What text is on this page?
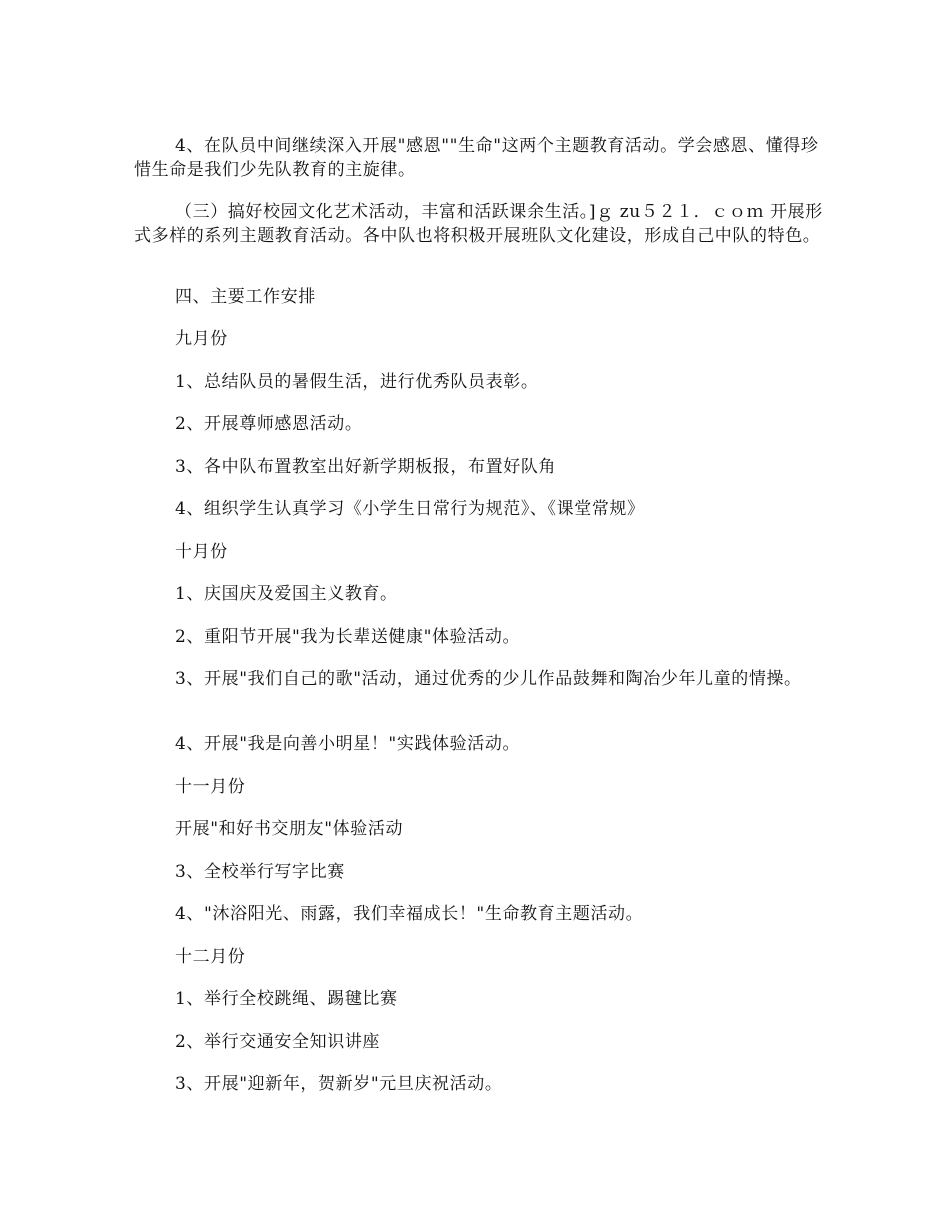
4、在队员中间继续深入开展"感恩""生命"这两个主题教育活动。学会感恩、懂得珍惜生命是我们少先队教育的主旋律。

（三）搞好校园文化艺术活动，丰富和活跃课余生活。]ｇ zu５２１．ｃｏｍ 开展形式多样的系列主题教育活动。各中队也将积极开展班队文化建设，形成自己中队的特色。

四、主要工作安排

九月份

1、总结队员的暑假生活，进行优秀队员表彰。

2、开展尊师感恩活动。

3、各中队布置教室出好新学期板报，布置好队角

4、组织学生认真学习《小学生日常行为规范》、《课堂常规》

十月份

1、庆国庆及爱国主义教育。

2、重阳节开展"我为长辈送健康"体验活动。

3、开展"我们自己的歌"活动，通过优秀的少儿作品鼓舞和陶冶少年儿童的情操。

4、开展"我是向善小明星！"实践体验活动。

十一月份

开展"和好书交朋友"体验活动

3、全校举行写字比赛

4、"沐浴阳光、雨露，我们幸福成长！"生命教育主题活动。

十二月份

1、举行全校跳绳、踢毽比赛

2、举行交通安全知识讲座

3、开展"迎新年，贺新岁"元旦庆祝活动。
